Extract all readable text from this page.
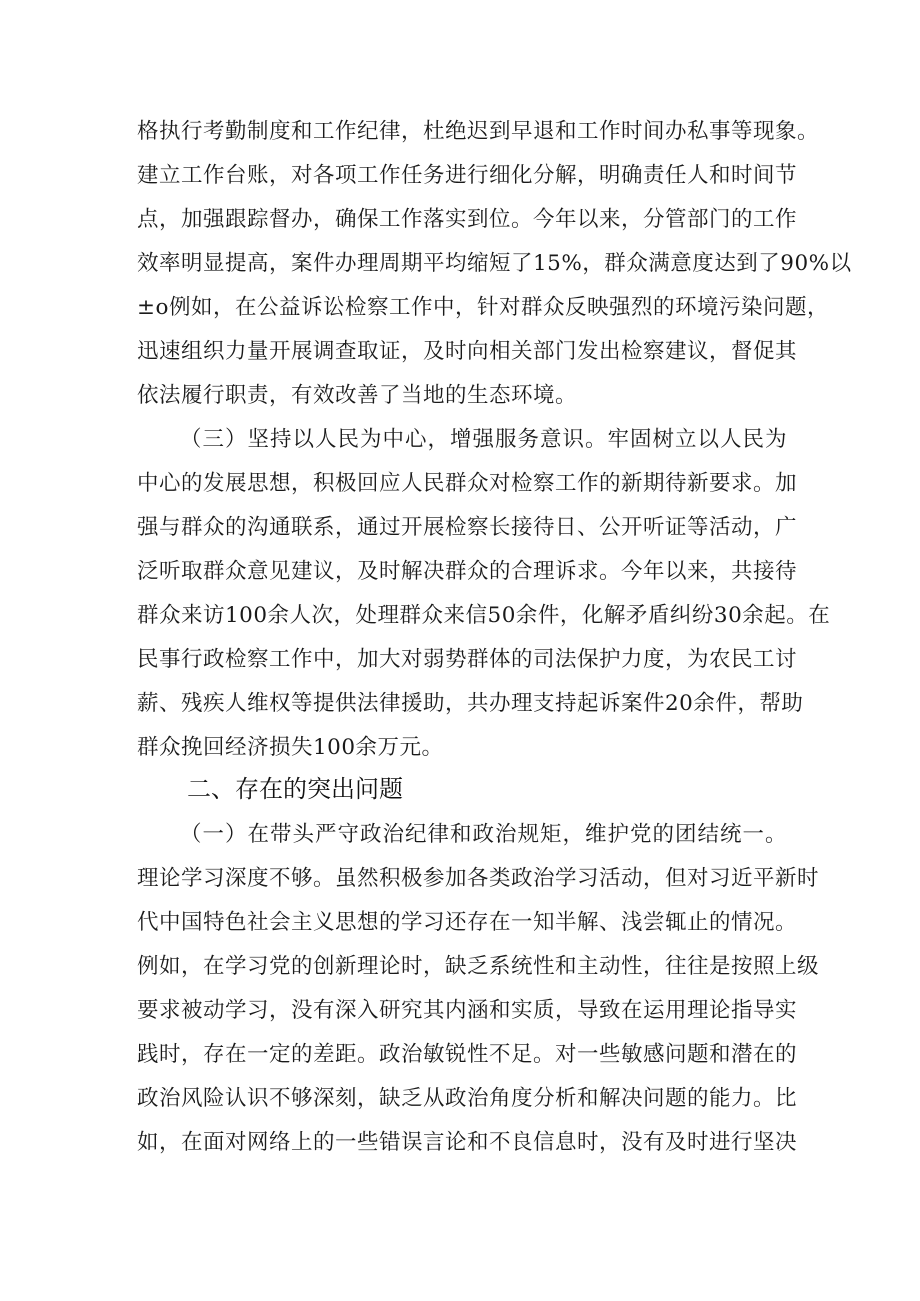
格执行考勤制度和工作纪律，杜绝迟到早退和工作时间办私事等现象。
建立工作台账，对各项工作任务进行细化分解，明确责任人和时间节
点，加强跟踪督办，确保工作落实到位。今年以来，分管部门的工作
效率明显提高，案件办理周期平均缩短了15%，群众满意度达到了90%以
±o例如，在公益诉讼检察工作中，针对群众反映强烈的环境污染问题，
迅速组织力量开展调查取证，及时向相关部门发出检察建议，督促其
依法履行职责，有效改善了当地的生态环境。
（三）坚持以人民为中心，增强服务意识。牢固树立以人民为
中心的发展思想，积极回应人民群众对检察工作的新期待新要求。加
强与群众的沟通联系，通过开展检察长接待日、公开听证等活动，广
泛听取群众意见建议，及时解决群众的合理诉求。今年以来，共接待
群众来访100余人次，处理群众来信50余件，化解矛盾纠纷30余起。在
民事行政检察工作中，加大对弱势群体的司法保护力度，为农民工讨
薪、残疾人维权等提供法律援助，共办理支持起诉案件20余件，帮助
群众挽回经济损失100余万元。
二、存在的突出问题
（一）在带头严守政治纪律和政治规矩，维护党的团结统一。
理论学习深度不够。虽然积极参加各类政治学习活动，但对习近平新时
代中国特色社会主义思想的学习还存在一知半解、浅尝辄止的情况。
例如，在学习党的创新理论时，缺乏系统性和主动性，往往是按照上级
要求被动学习，没有深入研究其内涵和实质，导致在运用理论指导实
践时，存在一定的差距。政治敏锐性不足。对一些敏感问题和潜在的
政治风险认识不够深刻，缺乏从政治角度分析和解决问题的能力。比
如，在面对网络上的一些错误言论和不良信息时，没有及时进行坚决
